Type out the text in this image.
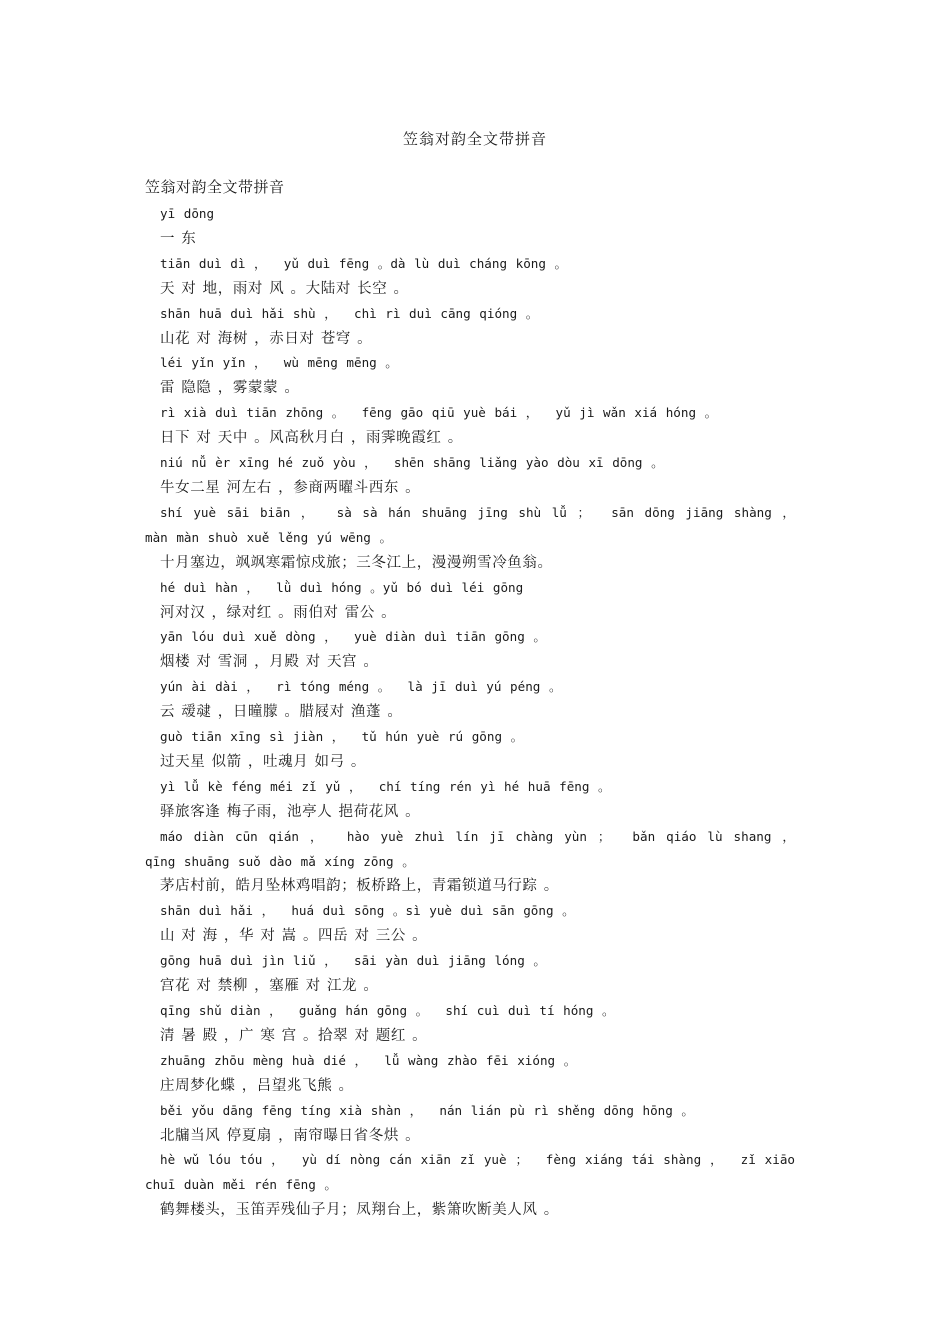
笠翁对韵全文带拼音
笠翁对韵全文带拼音
yī dōng
一 东
tiān duì dì ，  yǔ duì fēng 。dà lù duì cháng kōng 。
天 对 地，雨对 风 。大陆对 长空 。
shān huā duì hǎi shù ，  chì rì duì cāng qióng 。
山花 对 海树 ，赤日对 苍穹 。
léi yǐn yǐn ，  wù mēng mēng 。
雷 隐隐 ，雾蒙蒙 。
rì xià duì tiān zhōng 。  fēng gāo qiū yuè bái ，  yǔ jì wǎn xiá hóng 。
日下 对 天中 。风高秋月白 ，雨霁晚霞红 。
niú nǚ èr xīng hé zuǒ yòu ，  shēn shāng liǎng yào dòu xī dōng 。
牛女二星 河左右 ，参商两曜斗西东 。
shí yuè sāi biān ，  sà sà hán shuāng jīng shù lǚ ；  sān dōng jiāng shàng ，  màn màn shuò xuě lěng yú wēng 。
十月塞边，飒飒寒霜惊戍旅；三冬江上，漫漫朔雪冷鱼翁。
hé duì hàn ，  lǜ duì hóng 。yǔ bó duì léi gōng
河对汉 ，绿对红 。雨伯对 雷公 。
yān lóu duì xuě dòng ，  yuè diàn duì tiān gōng 。
烟楼 对 雪洞 ，月殿 对 天宫 。
yún ài dài ，  rì tóng méng 。  là jī duì yú péng 。
云 叆叇 ，日曈朦 。腊屐对 渔蓬 。
guò tiān xīng sì jiàn ，  tǔ hún yuè rú gōng 。
过天星 似箭 ，吐魂月 如弓 。
yì lǚ kè féng méi zǐ yǔ ，  chí tíng rén yì hé huā fēng 。
驿旅客逢 梅子雨，池亭人 挹荷花风 。
máo diàn cūn qián ，  hào yuè zhuì lín jī chàng yùn ；  bǎn qiáo lù shang ，  qīng shuāng suǒ dào mǎ xíng zōng 。
茅店村前，皓月坠林鸡唱韵；板桥路上，青霜锁道马行踪 。
shān duì hǎi ，  huá duì sōng 。sì yuè duì sān gōng 。
山 对 海 ，华 对 嵩 。四岳 对 三公 。
gōng huā duì jìn liǔ ，  sāi yàn duì jiāng lóng 。
宫花 对 禁柳 ，塞雁 对 江龙 。
qīng shǔ diàn ，  guǎng hán gōng 。  shí cuì duì tí hóng 。
清 暑 殿 ，广 寒 宫 。拾翠 对 题红 。
zhuāng zhōu mèng huà dié ，  lǚ wàng zhào fēi xióng 。
庄周梦化蝶 ，吕望兆飞熊 。
běi yǒu dāng fēng tíng xià shàn ，  nán lián pù rì shěng dōng hōng 。
北牖当风 停夏扇 ，南帘曝日省冬烘 。
hè wǔ lóu tóu ，  yù dí nòng cán xiān zǐ yuè ；  fèng xiáng tái shàng ，  zǐ xiāo chuī duàn měi rén fēng 。
鹤舞楼头，玉笛弄残仙子月；凤翔台上，紫箫吹断美人风 。
